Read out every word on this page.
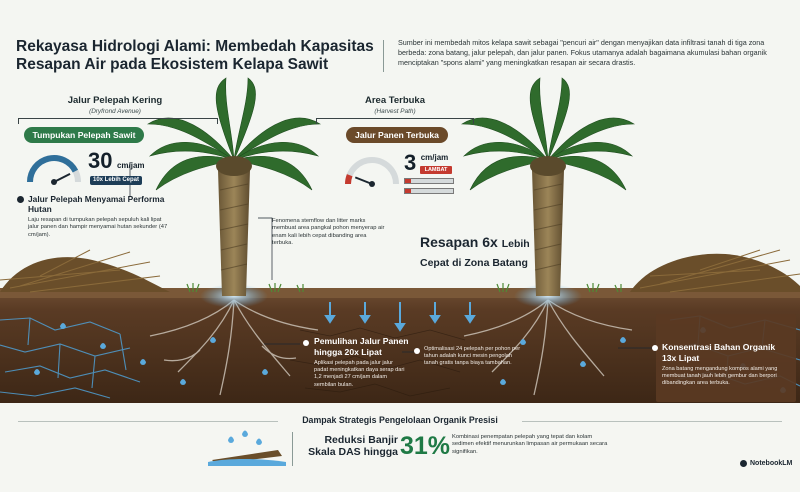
Rekayasa Hidrologi Alami: Membedah Kapasitas Resapan Air pada Ekosistem Kelapa Sawit
Sumber ini membedah mitos kelapa sawit sebagai "pencuri air" dengan menyajikan data infiltrasi tanah di tiga zona berbeda: zona batang, jalur pelepah, dan jalur panen. Fokus utamanya adalah bagaimana akumulasi bahan organik menciptakan "spons alami" yang meningkatkan resapan air secara drastis.
Jalur Pelepah Kering
(Dryfrond Avenue)
Tumpukan Pelepah Sawit
30 cm/jam
10x Lebih Cepat
Jalur Pelepah Menyamai Performa Hutan
Laju resapan di tumpukan pelepah sepuluh kali lipat jalur panen dan hampir menyamai hutan sekunder (47 cm/jam).
Area Terbuka
(Harvest Path)
Jalur Panen Terbuka
3 $^{cm/jam}$
LAMBAT
Fenomena stemflow dan litter marks membuat area pangkal pohon menyerap air enam kali lebih cepat dibanding area terbuka.	Resapan 6x Lebih
Cepat di Zona Batang
Pemulihan Jalur Panen hingga 20x Lipat
Aplikasi pelepah pada jalur jalur padat meningkatkan daya serap dari 1,2 menjadi 27 cm/jam dalam sembilan bulan.
Optimalisasi 24 pelepah per pohon per tahun adalah kunci mesin pengolah tanah gratis tanpa biaya tambahan.
Konsentrasi Bahan Organik 13x Lipat
Zona batang mengandung kompos alami yang membuat tanah jauh lebih gembur dan berpori dibandingkan area terbuka.
Dampak Strategis Pengelolaan Organik Presisi
Reduksi Banjir
Skala DAS hingga 31% Kombinasi penempatan pelepah yang tepat dan kolam sedimen efektif menurunkan limpasan air permukaan secara signifikan.
NotebookLM
